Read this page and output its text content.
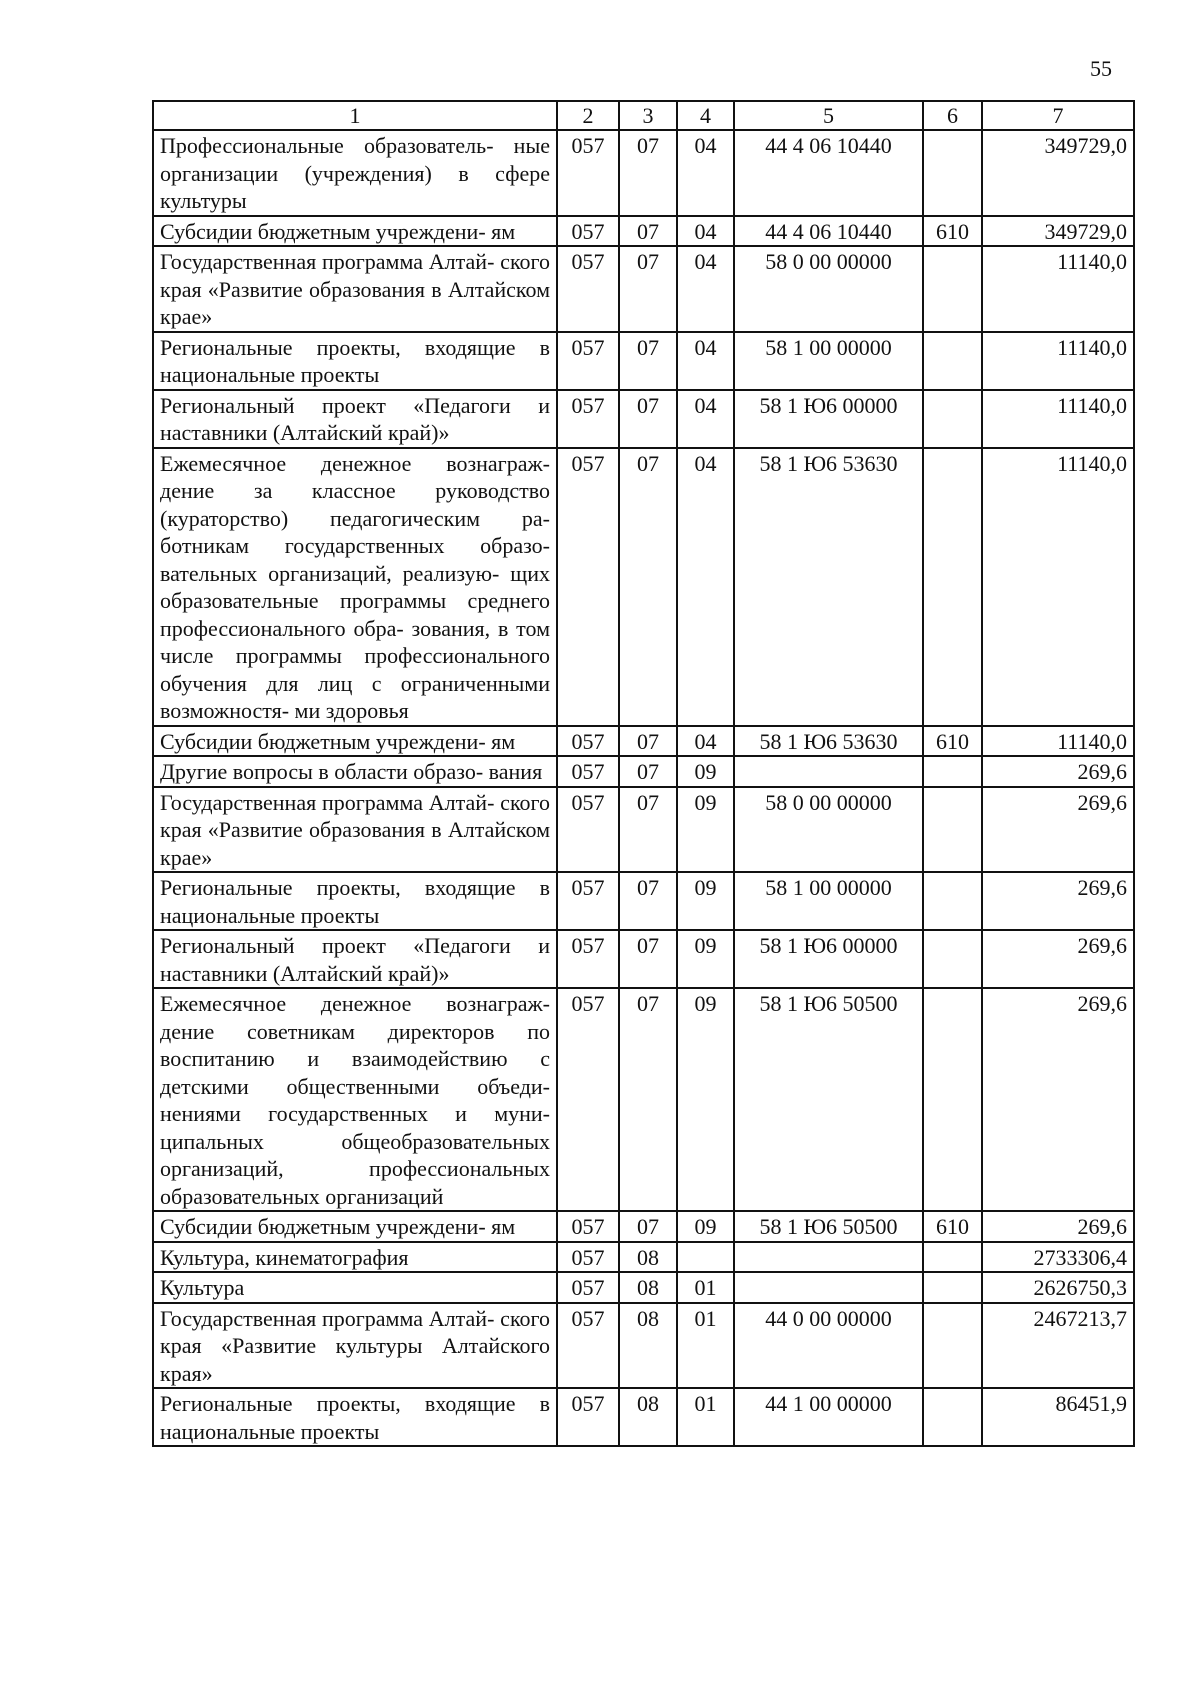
55
1	2	3	4	5	6	7
Профессиональные образователь- ные организации (учреждения) в сфере культуры	057	07	04	44 4 06 10440		349729,0
Субсидии бюджетным учреждени- ям	057	07	04	44 4 06 10440	610	349729,0
Государственная программа Алтай- ского края «Развитие образования в Алтайском крае»	057	07	04	58 0 00 00000		11140,0
Региональные проекты, входящие в национальные проекты	057	07	04	58 1 00 00000		11140,0
Региональный проект «Педагоги и наставники (Алтайский край)»	057	07	04	58 1 Ю6 00000		11140,0
Ежемесячное денежное вознаграж- дение за классное руководство (кураторство) педагогическим ра- ботникам государственных образо- вательных организаций, реализую- щих образовательные программы среднего профессионального обра- зования, в том числе программы профессионального обучения для лиц с ограниченными возможностя- ми здоровья	057	07	04	58 1 Ю6 53630		11140,0
Субсидии бюджетным учреждени- ям	057	07	04	58 1 Ю6 53630	610	11140,0
Другие вопросы в области образо- вания	057	07	09			269,6
Государственная программа Алтай- ского края «Развитие образования в Алтайском крае»	057	07	09	58 0 00 00000		269,6
Региональные проекты, входящие в национальные проекты	057	07	09	58 1 00 00000		269,6
Региональный проект «Педагоги и наставники (Алтайский край)»	057	07	09	58 1 Ю6 00000		269,6
Ежемесячное денежное вознаграж- дение советникам директоров по воспитанию и взаимодействию с детскими общественными объеди- нениями государственных и муни- ципальных общеобразовательных организаций, профессиональных образовательных организаций	057	07	09	58 1 Ю6 50500		269,6
Субсидии бюджетным учреждени- ям	057	07	09	58 1 Ю6 50500	610	269,6
Культура, кинематография	057	08				2733306,4
Культура	057	08	01			2626750,3
Государственная программа Алтай- ского края «Развитие культуры Алтайского края»	057	08	01	44 0 00 00000		2467213,7
Региональные проекты, входящие в национальные проекты	057	08	01	44 1 00 00000		86451,9
